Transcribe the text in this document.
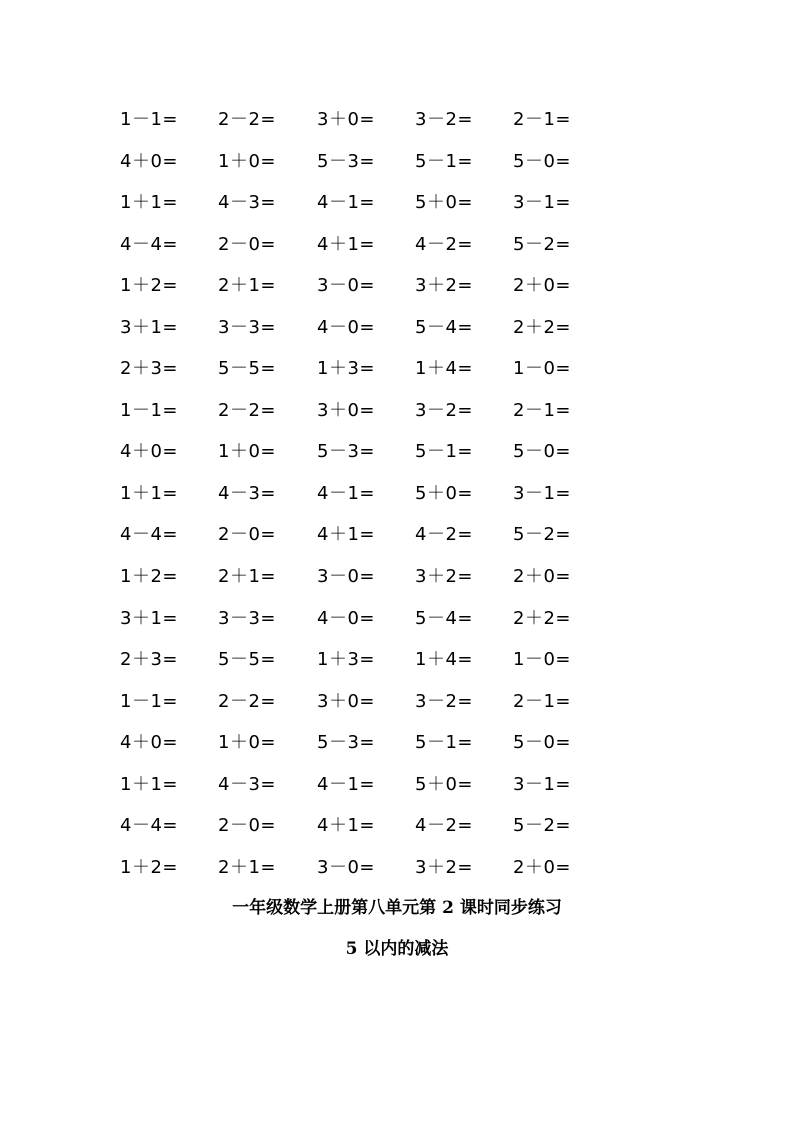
1－1= 2－2= 3＋0= 3－2= 2－1=
4＋0= 1＋0= 5－3= 5－1= 5－0=
1＋1= 4－3= 4－1= 5＋0= 3－1=
4－4= 2－0= 4＋1= 4－2= 5－2=
1＋2= 2＋1= 3－0= 3＋2= 2＋0=
3＋1= 3－3= 4－0= 5－4= 2＋2=
2＋3= 5－5= 1＋3= 1＋4= 1－0=
1－1= 2－2= 3＋0= 3－2= 2－1=
4＋0= 1＋0= 5－3= 5－1= 5－0=
1＋1= 4－3= 4－1= 5＋0= 3－1=
4－4= 2－0= 4＋1= 4－2= 5－2=
1＋2= 2＋1= 3－0= 3＋2= 2＋0=
3＋1= 3－3= 4－0= 5－4= 2＋2=
2＋3= 5－5= 1＋3= 1＋4= 1－0=
1－1= 2－2= 3＋0= 3－2= 2－1=
4＋0= 1＋0= 5－3= 5－1= 5－0=
1＋1= 4－3= 4－1= 5＋0= 3－1=
4－4= 2－0= 4＋1= 4－2= 5－2=
1＋2= 2＋1= 3－0= 3＋2= 2＋0=
一年级数学上册第八单元第 2 课时同步练习
5 以内的减法
